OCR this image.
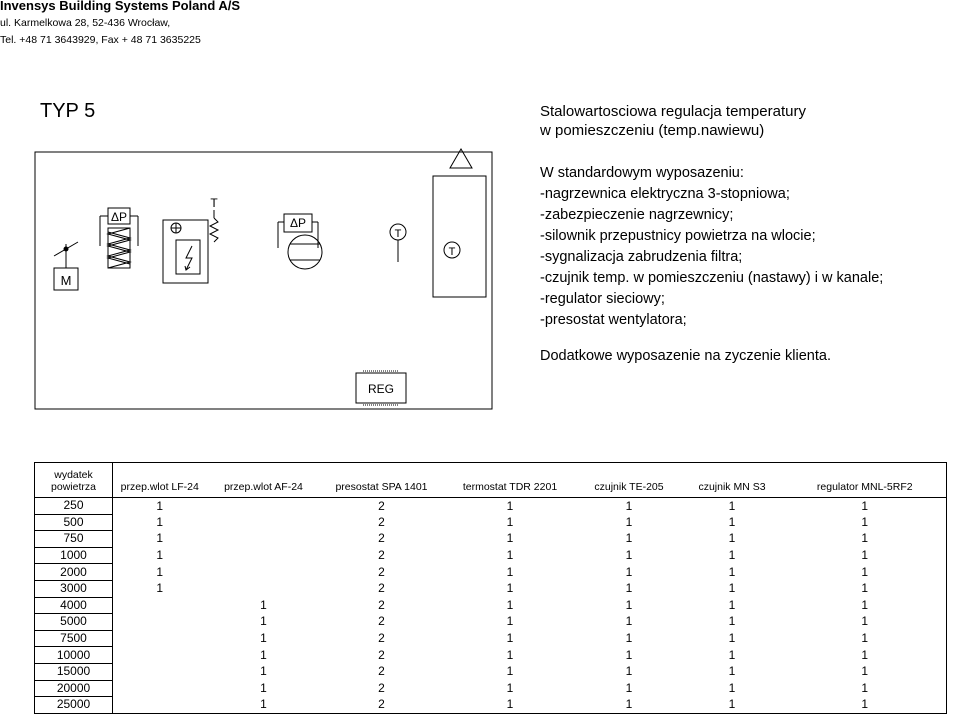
Invensys Building Systems Poland A/S
ul. Karmelkowa 28, 52-436 Wrocław,
Tel. +48 71 3643929, Fax + 48 71 3635225
TYP 5	Stalowartosciowa regulacja temperatury
w pomieszczeniu (temp.nawiewu)
W standardowym wyposazeniu:
-nagrzewnica elektryczna 3-stopniowa;
-zabezpieczenie nagrzewnicy;
-silownik przepustnicy powietrza na wlocie;
-sygnalizacja zabrudzenia filtra;
-czujnik temp. w pomieszczeniu (nastawy) i w kanale;
-regulator sieciowy;
-presostat wentylatora;
Dodatkowe wyposazenie na zyczenie klienta.
M
ΔP
T
ΔP
T
T
REG
wydatek powietrza	przep.wlot LF-24	przep.wlot AF-24	presostat SPA 1401	termostat TDR 2201	czujnik TE-205	czujnik MN S3	regulator MNL-5RF2
250	1		2	1	1	1	1
500	1		2	1	1	1	1
750	1		2	1	1	1	1
1000	1		2	1	1	1	1
2000	1		2	1	1	1	1
3000	1		2	1	1	1	1
4000		1	2	1	1	1	1
5000		1	2	1	1	1	1
7500		1	2	1	1	1	1
10000		1	2	1	1	1	1
15000		1	2	1	1	1	1
20000		1	2	1	1	1	1
25000		1	2	1	1	1	1
